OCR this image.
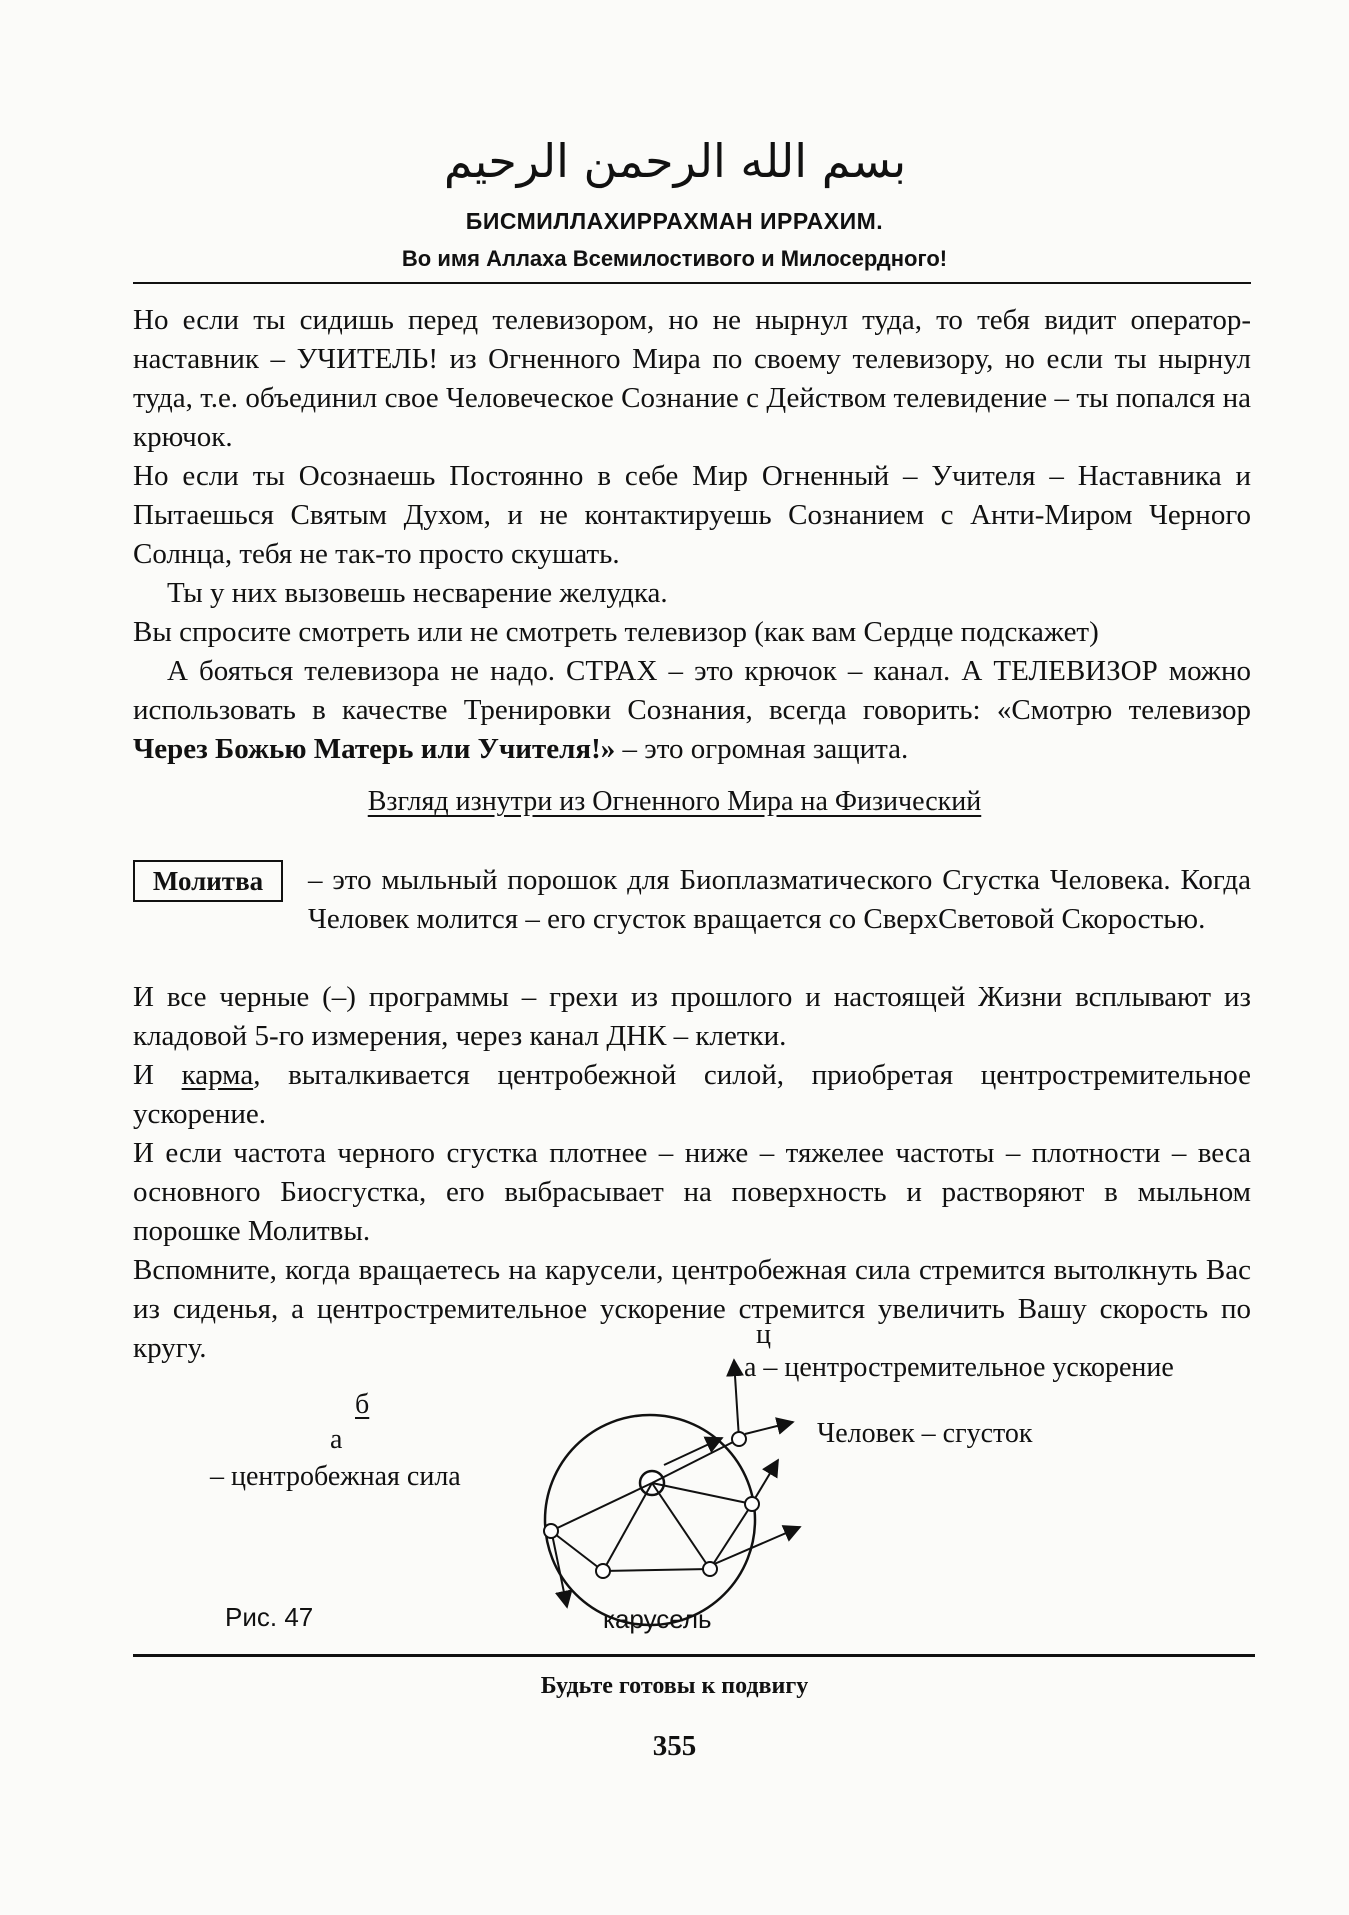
بسم الله الرحمن الرحيم
БИСМИЛЛАХИРРАХМАН ИРРАХИМ.
Во имя Аллаха Всемилостивого и Милосердного!
Но если ты сидишь перед телевизором, но не нырнул туда, то тебя видит оператор-наставник – УЧИТЕЛЬ! из Огненного Мира по своему телевизору, но если ты нырнул туда, т.е. объединил свое Человеческое Сознание с Действом телевидение – ты попался на крючок.
Но если ты Осознаешь Постоянно в себе Мир Огненный – Учителя – Наставника и Пытаешься Святым Духом, и не контактируешь Сознанием с Анти-Миром Черного Солнца, тебя не так-то просто скушать.
Ты у них вызовешь несварение желудка.
Вы спросите смотреть или не смотреть телевизор (как вам Сердце подскажет)
А бояться телевизора не надо. СТРАХ – это крючок – канал. А ТЕЛЕВИЗОР можно использовать в качестве Тренировки Сознания, всегда говорить: «Смотрю телевизор Через Божью Матерь или Учителя!» – это огромная защита.
Взгляд изнутри из Огненного Мира на Физический
Молитва	– это мыльный порошок для Биоплазматического Сгустка Человека. Когда Человек молится – его сгусток вращается со СверхСветовой Скоростью.
И все черные (–) программы – грехи из прошлого и настоящей Жизни всплывают из кладовой 5-го измерения, через канал ДНК – клетки.
И карма, выталкивается центробежной силой, приобретая центростремительное ускорение.
И если частота черного сгустка плотнее – ниже – тяжелее частоты – плотности – веса основного Биосгустка, его выбрасывает на поверхность и растворяют в мыльном порошке Молитвы.
Вспомните, когда вращаетесь на карусели, центробежная сила стремится вытолкнуть Вас из сиденья, а центростремительное ускорение стремится увеличить Вашу скорость по кругу.	ц
а – центростремительное ускорение
б
а
– центробежная сила
Человек – сгусток
карусель
Рис. 47
Будьте готовы к подвигу
355
